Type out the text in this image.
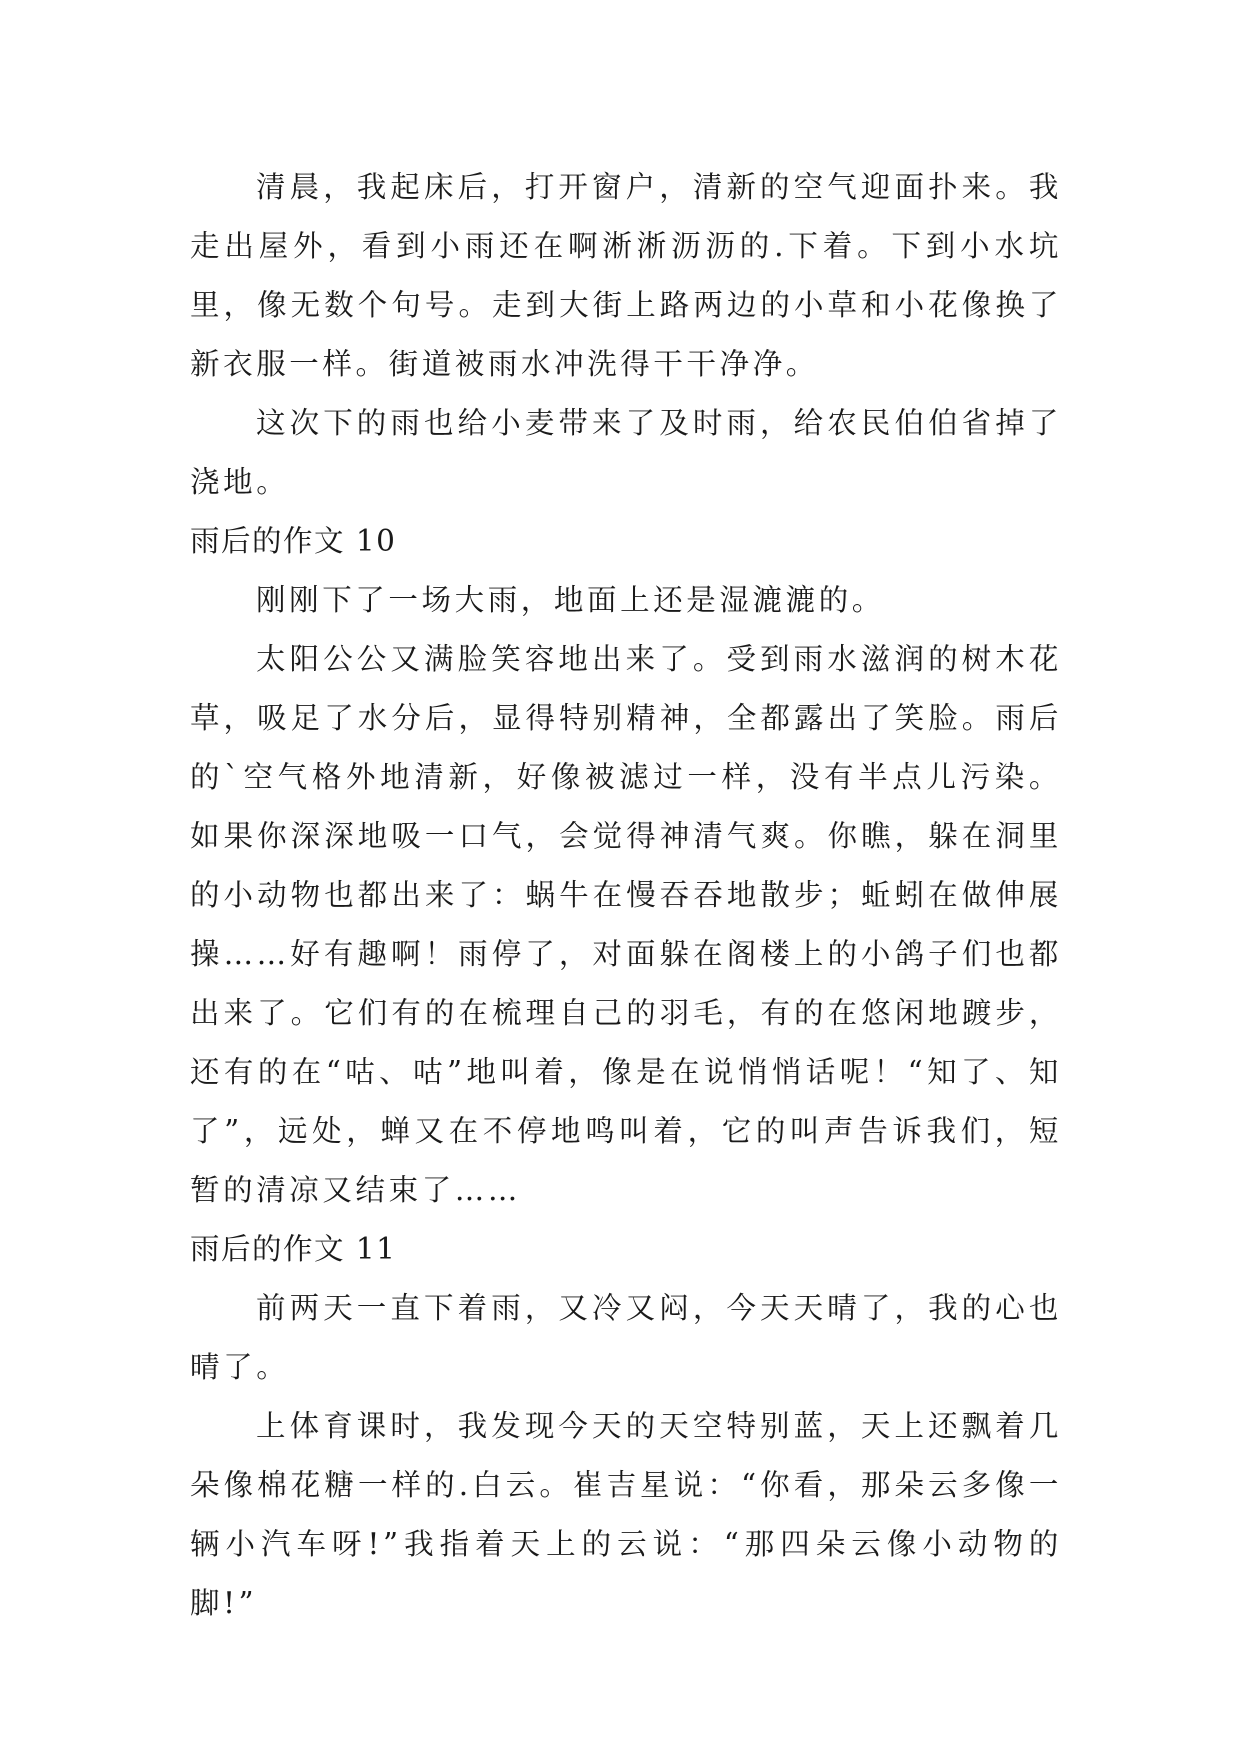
清晨，我起床后，打开窗户，清新的空气迎面扑来。我走出屋外，看到小雨还在啊淅淅沥沥的.下着。下到小水坑里，像无数个句号。走到大街上路两边的小草和小花像换了新衣服一样。街道被雨水冲洗得干干净净。

这次下的雨也给小麦带来了及时雨，给农民伯伯省掉了浇地。

雨后的作文 10

刚刚下了一场大雨，地面上还是湿漉漉的。

太阳公公又满脸笑容地出来了。受到雨水滋润的树木花草，吸足了水分后，显得特别精神，全都露出了笑脸。雨后的`空气格外地清新，好像被滤过一样，没有半点儿污染。如果你深深地吸一口气，会觉得神清气爽。你瞧，躲在洞里的小动物也都出来了：蜗牛在慢吞吞地散步；蚯蚓在做伸展操……好有趣啊！雨停了，对面躲在阁楼上的小鸽子们也都出来了。它们有的在梳理自己的羽毛，有的在悠闲地踱步，还有的在“咕、咕”地叫着，像是在说悄悄话呢！“知了、知了”，远处，蝉又在不停地鸣叫着，它的叫声告诉我们，短暂的清凉又结束了……

雨后的作文 11

前两天一直下着雨，又冷又闷，今天天晴了，我的心也晴了。

上体育课时，我发现今天的天空特别蓝，天上还飘着几朵像棉花糖一样的.白云。崔吉星说：“你看，那朵云多像一辆小汽车呀!”我指着天上的云说：“那四朵云像小动物的脚!”
